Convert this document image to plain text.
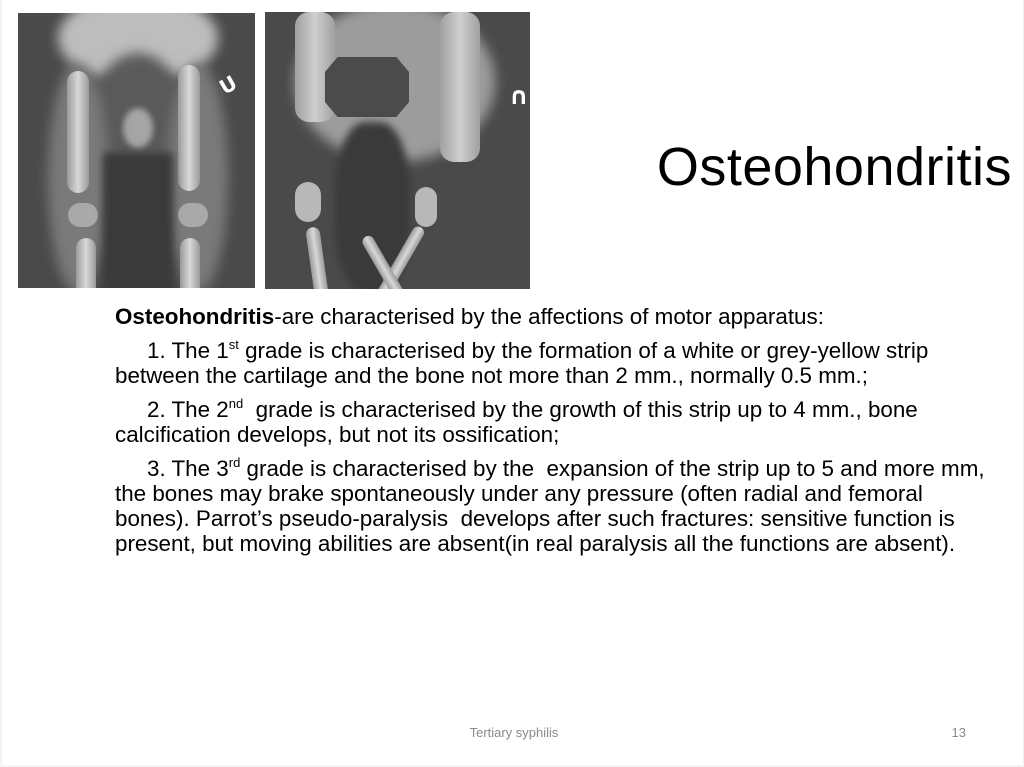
U	∩
Osteohondritis

Osteohondritis-are characterised by the affections of motor apparatus:

1. The 1st grade is characterised by the formation of a white or grey-yellow strip between the cartilage and the bone not more than 2 mm., normally 0.5 mm.;

2. The 2nd  grade is characterised by the growth of this strip up to 4 mm., bone calcification develops, but not its ossification;

3. The 3rd grade is characterised by the  expansion of the strip up to 5 and more mm, the bones may brake spontaneously under any pressure (often radial and femoral bones). Parrot’s pseudo-paralysis  develops after such fractures: sensitive function is present, but moving abilities are absent(in real paralysis all the functions are absent).

Tertiary syphilis	13
